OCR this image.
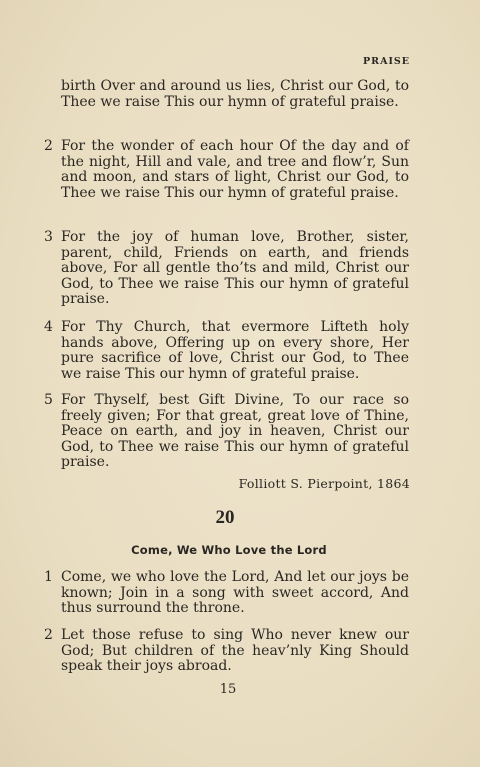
PRAISE
birth Over and around us lies, Christ our God, to Thee we raise This our hymn of grateful praise.
2 For the wonder of each hour Of the day and of the night, Hill and vale, and tree and flow’r, Sun and moon, and stars of light, Christ our God, to Thee we raise This our hymn of grateful praise.
3 For the joy of human love, Brother, sister, parent, child, Friends on earth, and friends above, For all gentle tho’ts and mild, Christ our God, to Thee we raise This our hymn of grateful praise.
4 For Thy Church, that evermore Lifteth holy hands above, Offering up on every shore, Her pure sacrifice of love, Christ our God, to Thee we raise This our hymn of grateful praise.
5 For Thyself, best Gift Divine, To our race so freely given; For that great, great love of Thine, Peace on earth, and joy in heaven, Christ our God, to Thee we raise This our hymn of grateful praise.
Folliott S. Pierpoint, 1864
20
Come, We Who Love the Lord
1 Come, we who love the Lord, And let our joys be known; Join in a song with sweet accord, And thus surround the throne.
2 Let those refuse to sing Who never knew our God; But children of the heav’nly King Should speak their joys abroad.
15
